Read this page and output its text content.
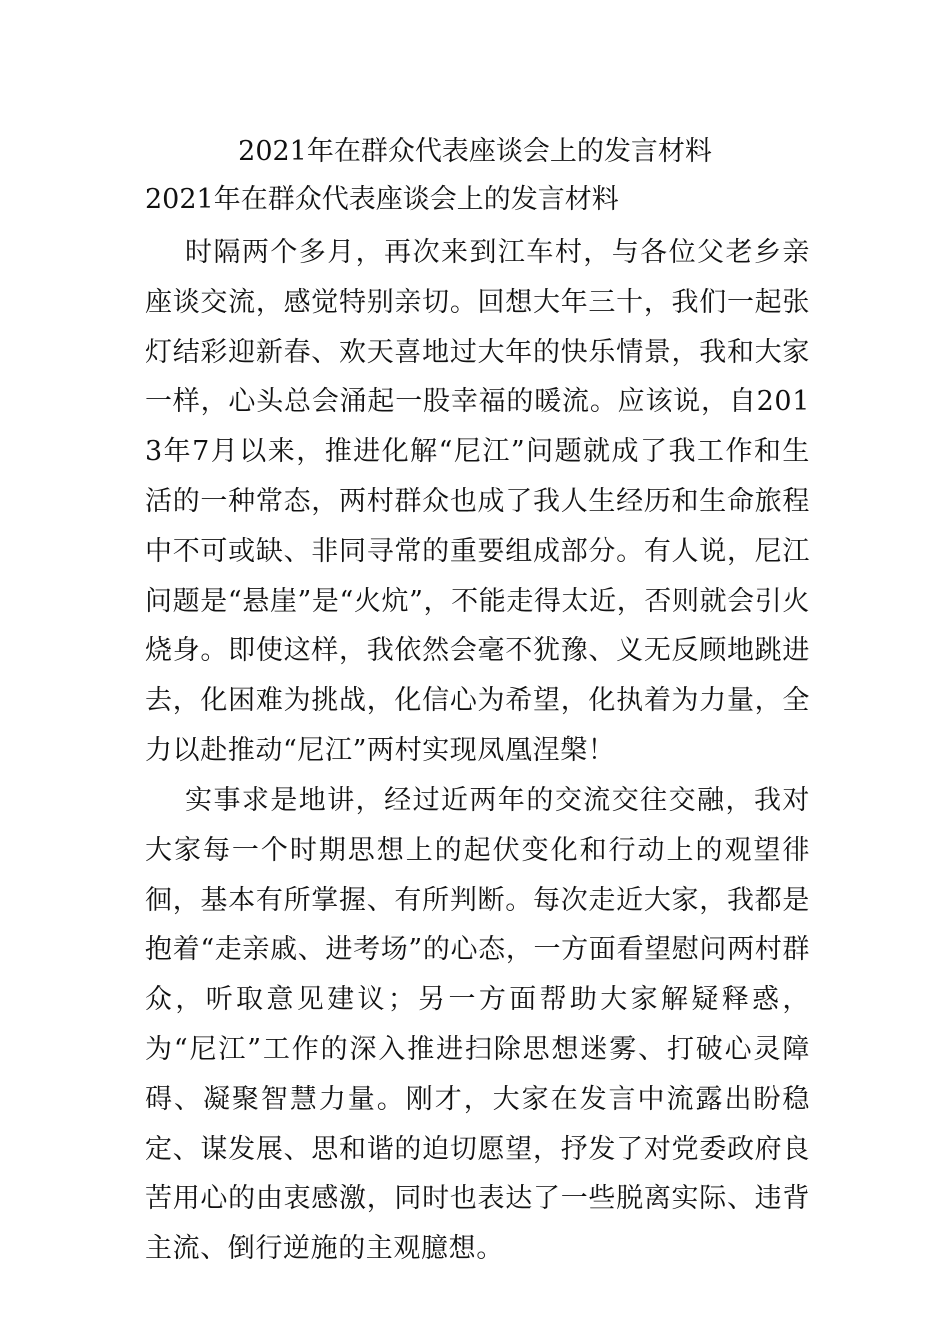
2021年在群众代表座谈会上的发言材料
2021年在群众代表座谈会上的发言材料

时隔两个多月，再次来到江车村，与各位父老乡亲座谈交流，感觉特别亲切。回想大年三十，我们一起张灯结彩迎新春、欢天喜地过大年的快乐情景，我和大家一样，心头总会涌起一股幸福的暖流。应该说，自2013年7月以来，推进化解“尼江”问题就成了我工作和生活的一种常态，两村群众也成了我人生经历和生命旅程中不可或缺、非同寻常的重要组成部分。有人说，尼江问题是“悬崖”是“火炕”，不能走得太近，否则就会引火烧身。即使这样，我依然会毫不犹豫、义无反顾地跳进去，化困难为挑战，化信心为希望，化执着为力量，全力以赴推动“尼江”两村实现凤凰涅槃！

实事求是地讲，经过近两年的交流交往交融，我对大家每一个时期思想上的起伏变化和行动上的观望徘徊，基本有所掌握、有所判断。每次走近大家，我都是抱着“走亲戚、进考场”的心态，一方面看望慰问两村群众，听取意见建议；另一方面帮助大家解疑释惑，为“尼江”工作的深入推进扫除思想迷雾、打破心灵障碍、凝聚智慧力量。刚才，大家在发言中流露出盼稳定、谋发展、思和谐的迫切愿望，抒发了对党委政府良苦用心的由衷感激，同时也表达了一些脱离实际、违背主流、倒行逆施的主观臆想。
